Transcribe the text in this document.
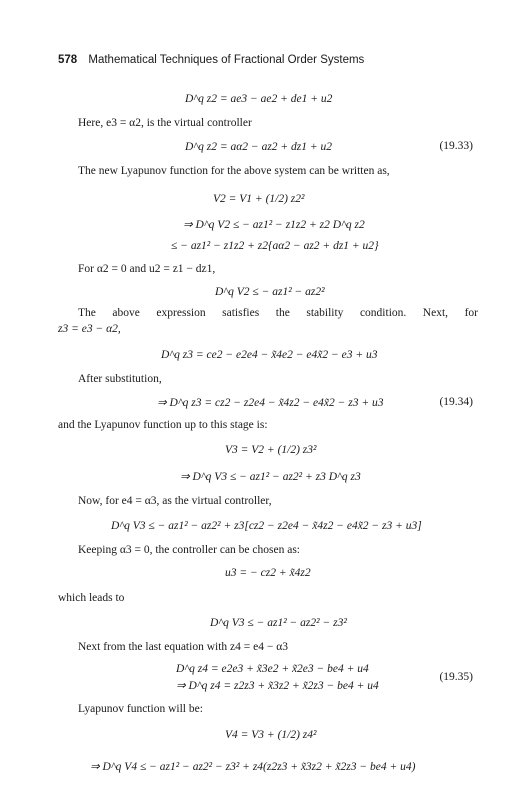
578 Mathematical Techniques of Fractional Order Systems
D^q z2 = ae3 − ae2 + de1 + u2
Here, e3 = α2, is the virtual controller
D^q z2 = aα2 − az2 + dz1 + u2	(19.33)
The new Lyapunov function for the above system can be written as,
V2 = V1 + (1/2) z2²
⇒ D^q V2 ≤ − az1² − z1z2 + z2 D^q z2
≤ − az1² − z1z2 + z2{aα2 − az2 + dz1 + u2}
For α2 = 0 and u2 = z1 − dz1,
D^q V2 ≤ − az1² − az2²
The above expression satisfies the stability condition. Next, for
z3 = e3 − α2,
D^q z3 = ce2 − e2e4 − x̃4e2 − e4x̃2 − e3 + u3
After substitution,
⇒ D^q z3 = cz2 − z2e4 − x̃4z2 − e4x̃2 − z3 + u3	(19.34)
and the Lyapunov function up to this stage is:
V3 = V2 + (1/2) z3²
⇒ D^q V3 ≤ − az1² − az2² + z3 D^q z3
Now, for e4 = α3, as the virtual controller,
D^q V3 ≤ − az1² − az2² + z3[cz2 − z2e4 − x̃4z2 − e4x̃2 − z3 + u3]
Keeping α3 = 0, the controller can be chosen as:
u3 = − cz2 + x̃4z2
which leads to
D^q V3 ≤ − az1² − az2² − z3²
Next from the last equation with z4 = e4 − α3
D^q z4 = e2e3 + x̃3e2 + x̃2e3 − be4 + u4
⇒ D^q z4 = z2z3 + x̃3z2 + x̃2z3 − be4 + u4
(19.35)
Lyapunov function will be:
V4 = V3 + (1/2) z4²
⇒ D^q V4 ≤ − az1² − az2² − z3² + z4(z2z3 + x̃3z2 + x̃2z3 − be4 + u4)
